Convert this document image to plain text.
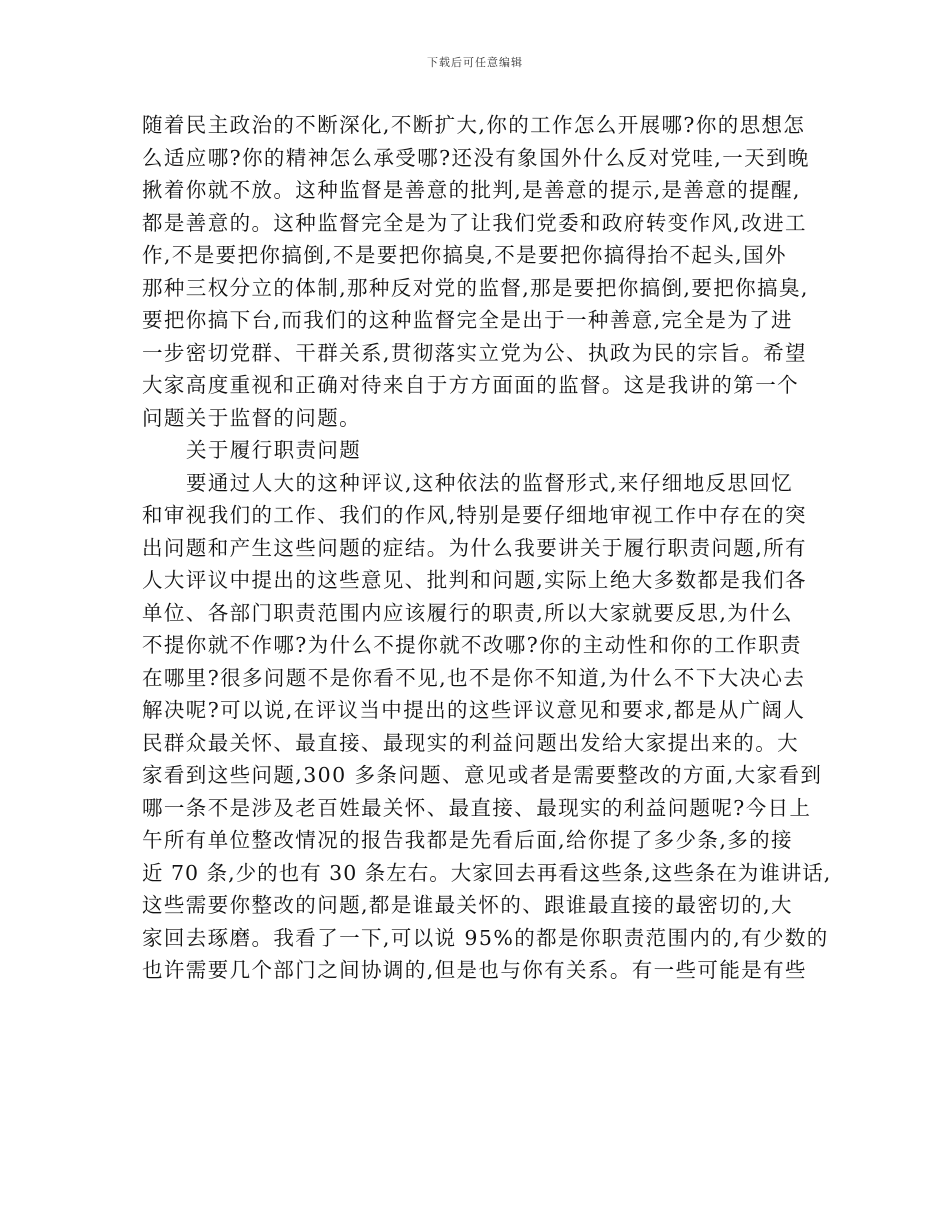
下载后可任意编辑
随着民主政治的不断深化,不断扩大,你的工作怎么开展哪?你的思想怎
么适应哪?你的精神怎么承受哪?还没有象国外什么反对党哇,一天到晚
揪着你就不放。这种监督是善意的批判,是善意的提示,是善意的提醒,
都是善意的。这种监督完全是为了让我们党委和政府转变作风,改进工
作,不是要把你搞倒,不是要把你搞臭,不是要把你搞得抬不起头,国外
那种三权分立的体制,那种反对党的监督,那是要把你搞倒,要把你搞臭,
要把你搞下台,而我们的这种监督完全是出于一种善意,完全是为了进
一步密切党群、干群关系,贯彻落实立党为公、执政为民的宗旨。希望
大家高度重视和正确对待来自于方方面面的监督。这是我讲的第一个
问题关于监督的问题。
关于履行职责问题
要通过人大的这种评议,这种依法的监督形式,来仔细地反思回忆
和审视我们的工作、我们的作风,特别是要仔细地审视工作中存在的突
出问题和产生这些问题的症结。为什么我要讲关于履行职责问题,所有
人大评议中提出的这些意见、批判和问题,实际上绝大多数都是我们各
单位、各部门职责范围内应该履行的职责,所以大家就要反思,为什么
不提你就不作哪?为什么不提你就不改哪?你的主动性和你的工作职责
在哪里?很多问题不是你看不见,也不是你不知道,为什么不下大决心去
解决呢?可以说,在评议当中提出的这些评议意见和要求,都是从广阔人
民群众最关怀、最直接、最现实的利益问题出发给大家提出来的。大
家看到这些问题,300 多条问题、意见或者是需要整改的方面,大家看到
哪一条不是涉及老百姓最关怀、最直接、最现实的利益问题呢?今日上
午所有单位整改情况的报告我都是先看后面,给你提了多少条,多的接
近 70 条,少的也有 30 条左右。大家回去再看这些条,这些条在为谁讲话,
这些需要你整改的问题,都是谁最关怀的、跟谁最直接的最密切的,大
家回去琢磨。我看了一下,可以说 95%的都是你职责范围内的,有少数的
也许需要几个部门之间协调的,但是也与你有关系。有一些可能是有些
